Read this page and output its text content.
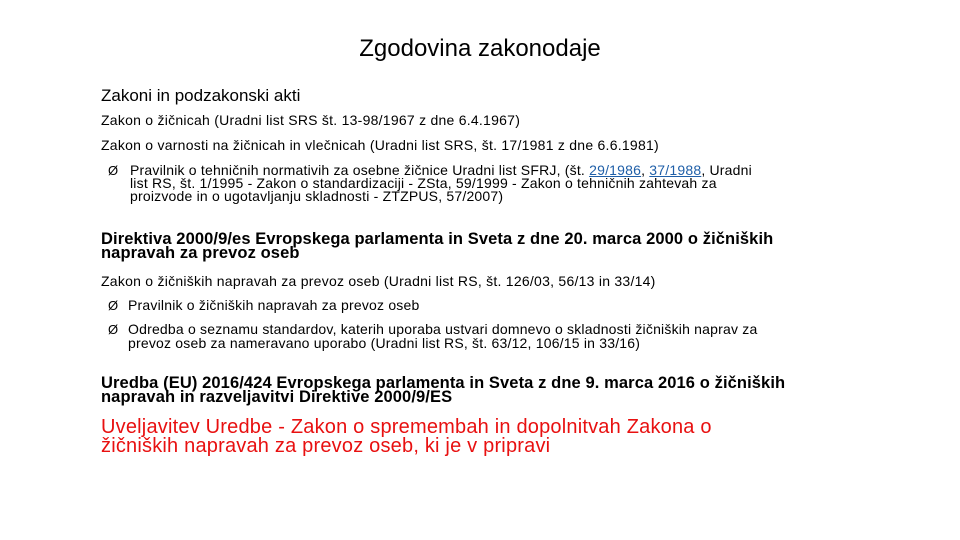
Zgodovina zakonodaje
Zakoni in podzakonski akti
Zakon o žičnicah (Uradni list SRS št. 13-98/1967 z dne 6.4.1967)
Zakon o varnosti na žičnicah in vlečnicah (Uradni list SRS, št. 17/1981 z dne 6.6.1981)
Ø Pravilnik o tehničnih normativih za osebne žičnice Uradni list SFRJ, (št. 29/1986, 37/1988, Uradni
list RS, št. 1/1995 - Zakon o standardizaciji - ZSta, 59/1999 - Zakon o tehničnih zahtevah za
proizvode in o ugotavljanju skladnosti - ZTZPUS, 57/2007)
Direktiva 2000/9/es Evropskega parlamenta in Sveta z dne 20. marca 2000 o žičniških
napravah za prevoz oseb
Zakon o žičniških napravah za prevoz oseb (Uradni list RS, št. 126/03, 56/13 in 33/14)
Ø Pravilnik o žičniških napravah za prevoz oseb
Ø Odredba o seznamu standardov, katerih uporaba ustvari domnevo o skladnosti žičniških naprav za
prevoz oseb za nameravano uporabo (Uradni list RS, št. 63/12, 106/15 in 33/16)
Uredba (EU) 2016/424 Evropskega parlamenta in Sveta z dne 9. marca 2016 o žičniških
napravah in razveljavitvi Direktive 2000/9/ES
Uveljavitev Uredbe - Zakon o spremembah in dopolnitvah Zakona o
žičniških napravah za prevoz oseb, ki je v pripravi
